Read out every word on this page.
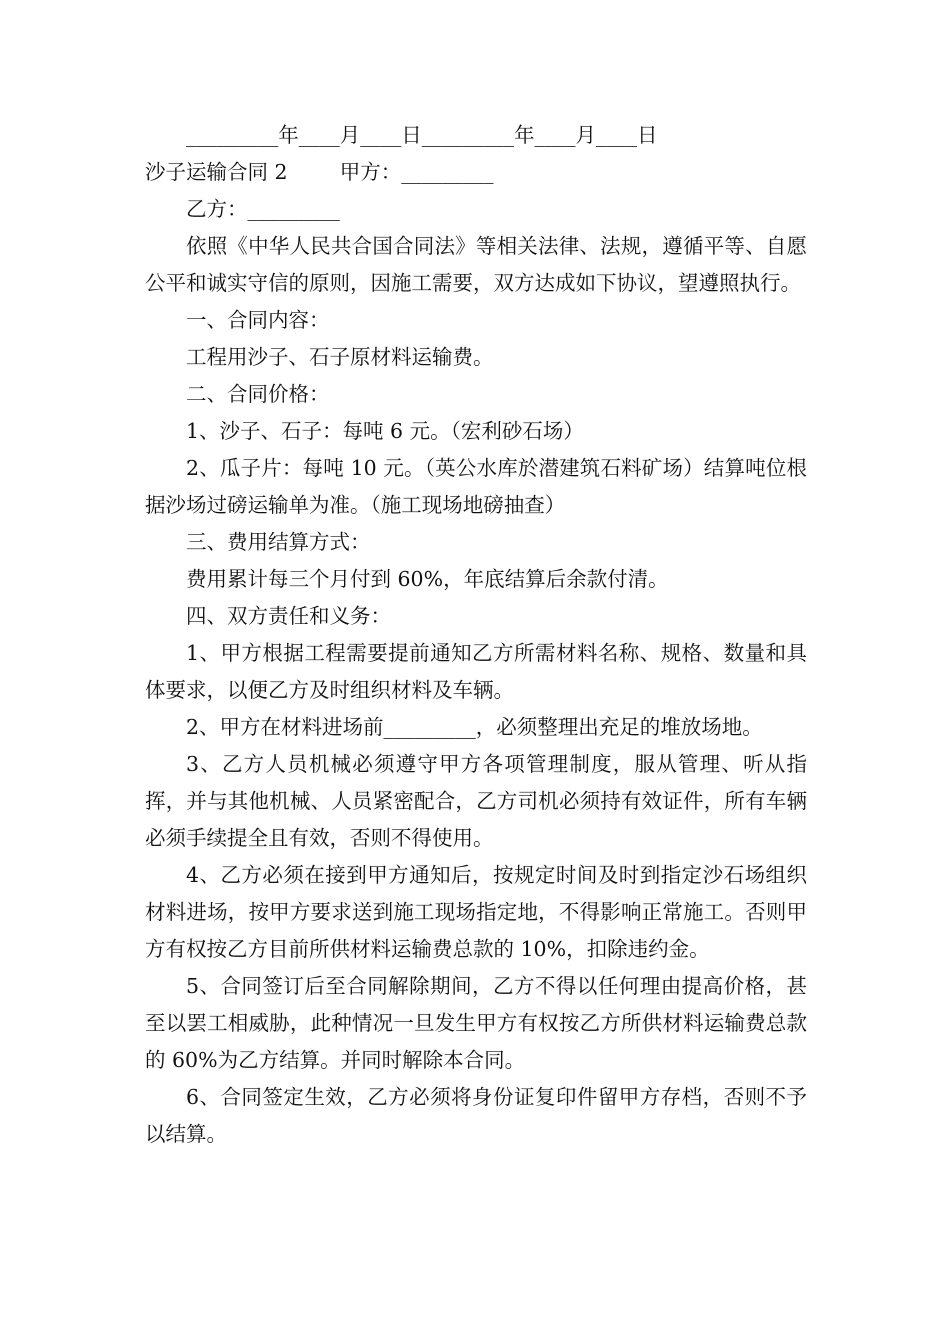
_________年____月____日_________年____月____日

沙子运输合同 2        甲方：_________

乙方：_________

依照《中华人民共合国合同法》等相关法律、法规，遵循平等、自愿公平和诚实守信的原则，因施工需要，双方达成如下协议，望遵照执行。

一、合同内容：

工程用沙子、石子原材料运输费。

二、合同价格：

1、沙子、石子：每吨 6 元。（宏利砂石场）

2、瓜子片：每吨 10 元。（英公水库於潜建筑石料矿场）结算吨位根据沙场过磅运输单为准。（施工现场地磅抽查）

三、费用结算方式：

费用累计每三个月付到 60%，年底结算后余款付清。

四、双方责任和义务：

1、甲方根据工程需要提前通知乙方所需材料名称、规格、数量和具体要求，以便乙方及时组织材料及车辆。

2、甲方在材料进场前_________，必须整理出充足的堆放场地。

3、乙方人员机械必须遵守甲方各项管理制度，服从管理、听从指挥，并与其他机械、人员紧密配合，乙方司机必须持有效证件，所有车辆必须手续提全且有效，否则不得使用。

4、乙方必须在接到甲方通知后，按规定时间及时到指定沙石场组织材料进场，按甲方要求送到施工现场指定地，不得影响正常施工。否则甲方有权按乙方目前所供材料运输费总款的 10%，扣除违约金。

5、合同签订后至合同解除期间，乙方不得以任何理由提高价格，甚至以罢工相威胁，此种情况一旦发生甲方有权按乙方所供材料运输费总款的 60%为乙方结算。并同时解除本合同。

6、合同签定生效，乙方必须将身份证复印件留甲方存档，否则不予以结算。
